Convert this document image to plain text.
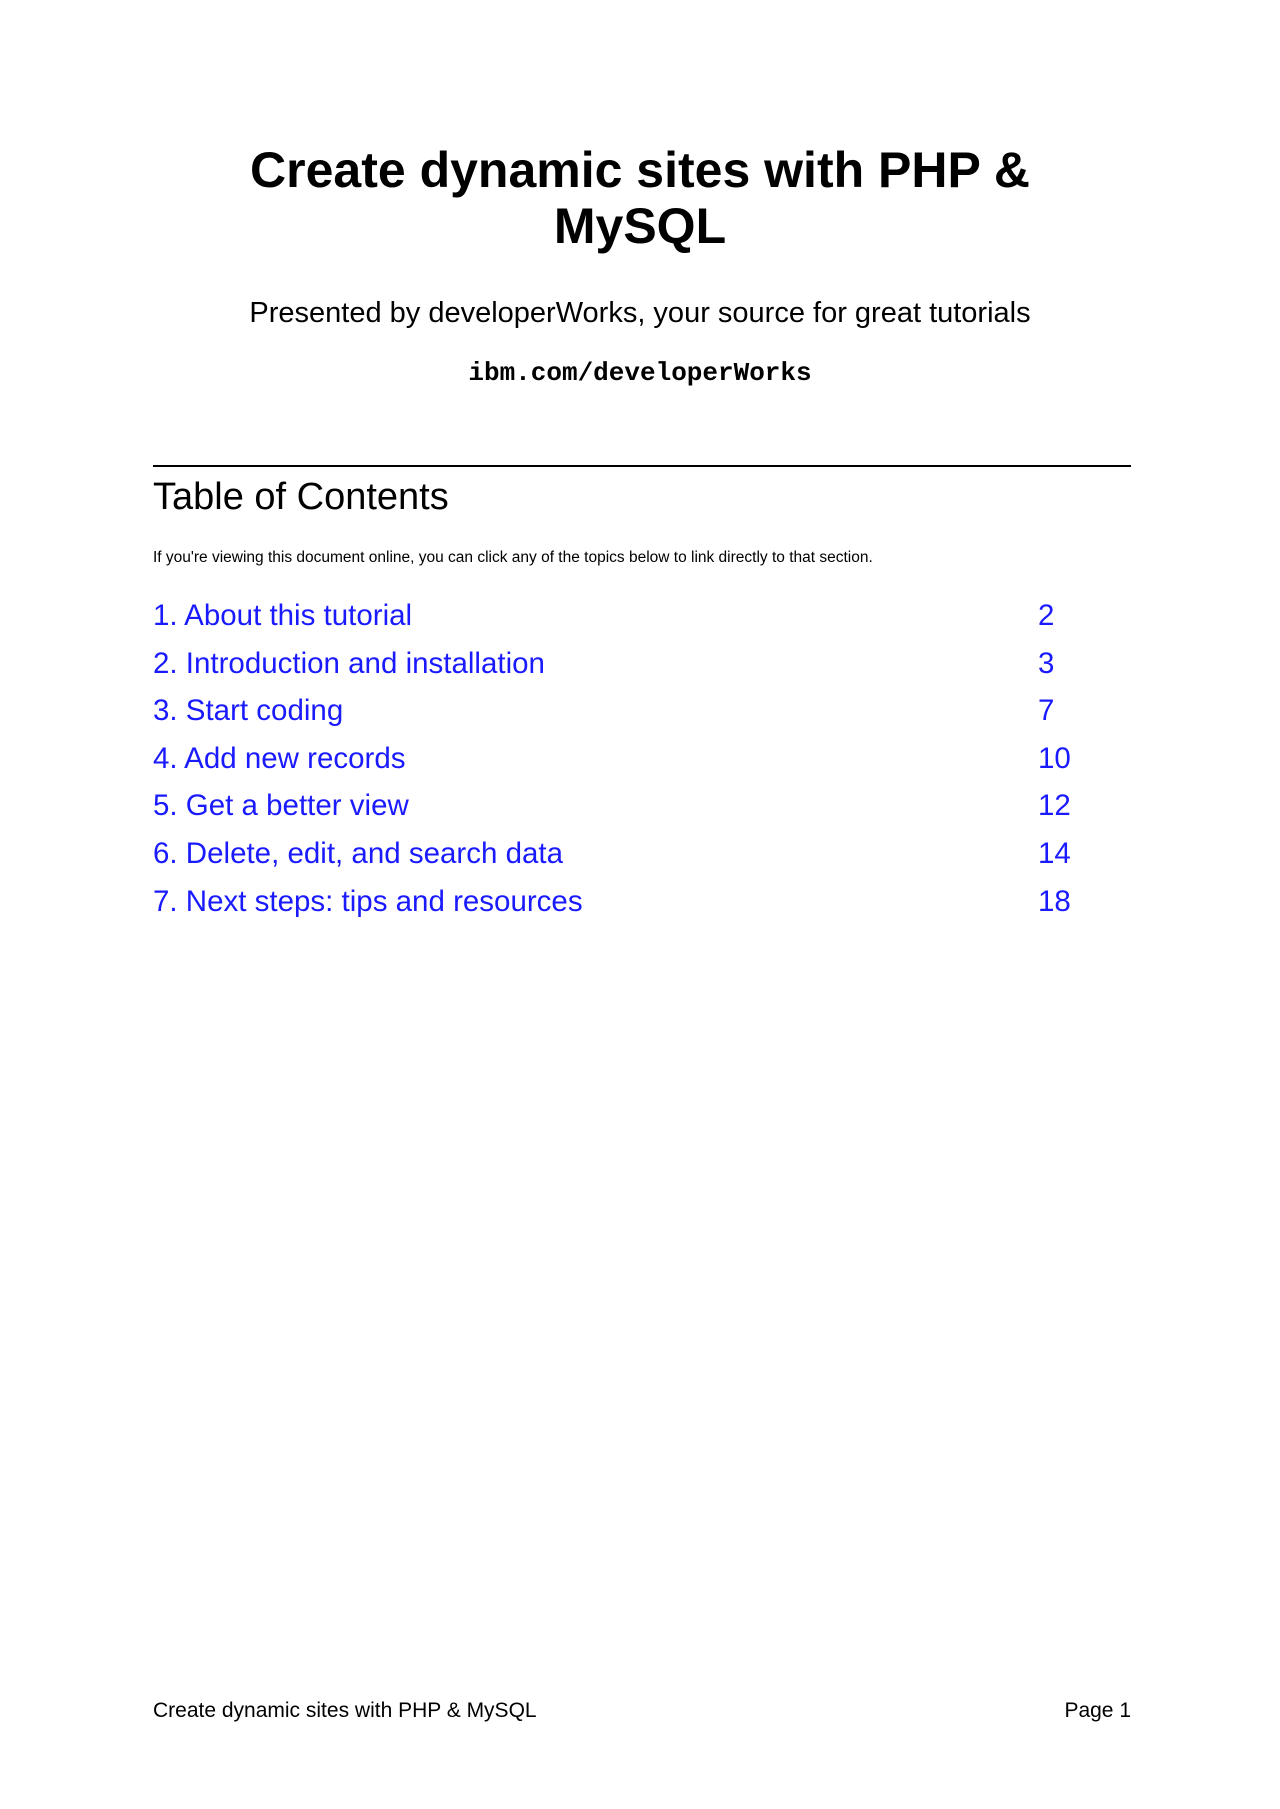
Create dynamic sites with PHP &
MySQL

Presented by developerWorks, your source for great tutorials

ibm.com/developerWorks

Table of Contents

If you're viewing this document online, you can click any of the topics below to link directly to that section.

1. About this tutorial	2
2. Introduction and installation	3
3. Start coding	7
4. Add new records	10
5. Get a better view	12
6. Delete, edit, and search data	14
7. Next steps: tips and resources	18
Create dynamic sites with PHP & MySQL	Page 1
